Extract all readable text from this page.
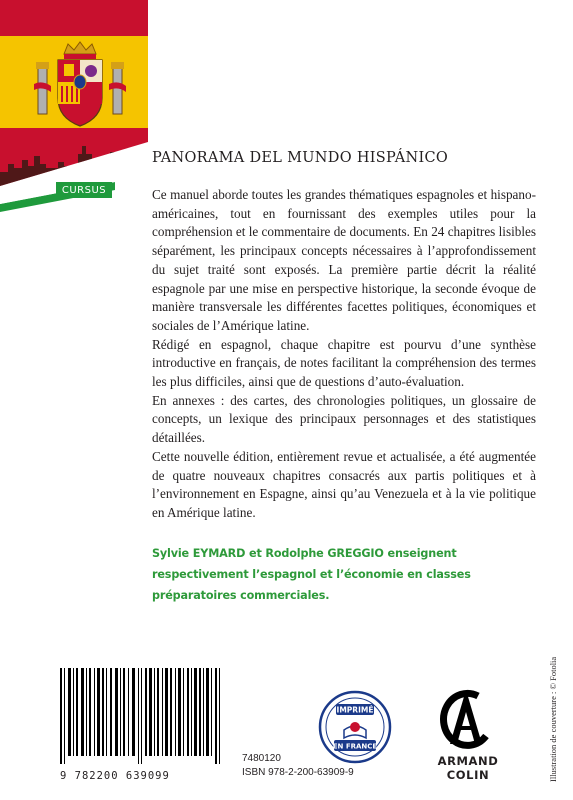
CURSUS
PANORAMA DEL MUNDO HISPÁNICO

Ce manuel aborde toutes les grandes thématiques espagnoles et hispano-américaines, tout en fournissant des exemples utiles pour la compréhension et le commentaire de documents. En 24 chapitres lisibles séparément, les principaux concepts nécessaires à l’approfondissement du sujet traité sont exposés. La première partie décrit la réalité espagnole par une mise en perspective historique, la seconde évoque de manière transversale les différentes facettes politiques, économiques et sociales de l’Amérique latine.

Rédigé en espagnol, chaque chapitre est pourvu d’une synthèse introductive en français, de notes facilitant la compréhension des termes les plus difficiles, ainsi que de questions d’auto-évaluation.

En annexes : des cartes, des chronologies politiques, un glossaire de concepts, un lexique des principaux personnages et des statistiques détaillées.

Cette nouvelle édition, entièrement revue et actualisée, a été augmentée de quatre nouveaux chapitres consacrés aux partis politiques et à l’environnement en Espagne, ainsi qu’au Venezuela et à la vie politique en Amérique latine.

Sylvie EYMARD et Rodolphe GREGGIO enseignent respectivement l’espagnol et l’économie en classes préparatoires commerciales.
Illustration de couverture : © Fotolia
9 782200 639099
7480120
ISBN 978-2-200-63909-9
IMPRIMÉ
EN FRANCE
ARMAND COLIN
